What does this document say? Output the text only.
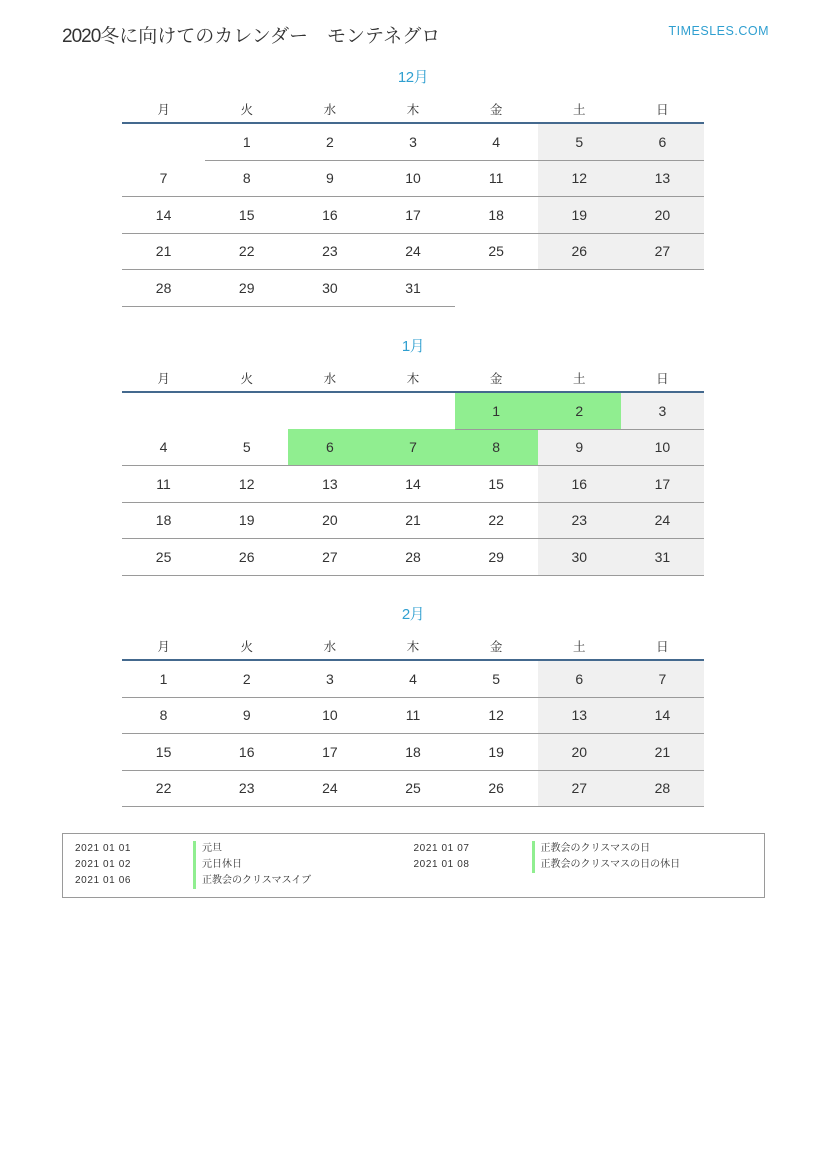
2020冬に向けてのカレンダー　モンテネグロ	TIMESLES.COM
12月
月	火	水	木	金	土	日
	1	2	3	4	5	6
7	8	9	10	11	12	13
14	15	16	17	18	19	20
21	22	23	24	25	26	27
28	29	30	31			
1月
月	火	水	木	金	土	日
				1	2	3
4	5	6	7	8	9	10
11	12	13	14	15	16	17
18	19	20	21	22	23	24
25	26	27	28	29	30	31
2月
月	火	水	木	金	土	日
1	2	3	4	5	6	7
8	9	10	11	12	13	14
15	16	17	18	19	20	21
22	23	24	25	26	27	28
2021 01 01	元旦	2021 01 07	正教会のクリスマスの日
2021 01 02	元日休日	2021 01 08	正教会のクリスマスの日の休日
2021 01 06	正教会のクリスマスイブ
